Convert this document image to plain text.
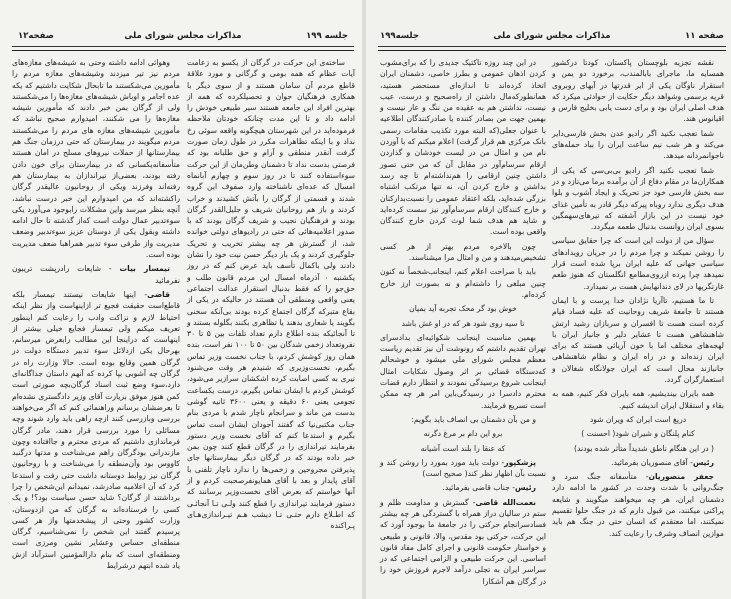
جلسه ۱۹۹
مذاکرات مجلس شورای ملی
صفحه۱۲

ساخته‌ی این حرکت در گرگان از یکسو به زعامت آیات عظام که همه بومی و گرگانی و مورد علاقهٔ قاطع مردم آن سامان هستند و از سوی دیگر با همکاری فرهنگیان جوان و تحصیلکرده که همه از بهترین افراد این جامعه هستند سیر طبیعی خودش را ادامه داد و تا این مدت چنانکه خودتان ملاحظه فرموده‌اید در این شهرستان هیچگونه واقعه سوئی رخ نداد و با اینکه تظاهرات مکرر در طول زمان صورت گرفت آنقدر منطقی و آرام و حق طلبانه بود که فرصتی بدست نداد تا دشمنان وطن‌مان از این حرکت سوءاستفاده کنند تا در روز سوم و چهارم آبانماه امسال که عده‌ای ناشناخته وارد صفوف این گروه شدند و قسمتی از گرگان را بآتش کشیدند و خراب کردند و باز هم روحانیان شریف و جلیل‌القدر گرگان بودند و فرهنگیان نجیب و شریف گرگان بودند که با صدور اعلامیه‌هائی که حتی در رادیوهای دولتی خوانده شد، از گسترش هر چه بیشتر تخریب و تحریک جلوگیری کردند و یک بار دیگر حسن نیت خود را نشان دادند ولی باکمال تأسف باید عرض کنم که در روز یکشنبه ۰ آذرماه امسال این مردم قانون طلب و حق‌جو را که فقط بدنبال استقرار عدالت اجتماعی یعنی واقعی ومنطقی آن هستند در حالیکه در یکی از بقاع متبرکه گرگان اجتماع کرده بودند بی‌آنکه سخنی بگویند یا شعاری بدهند یا تظاهری بکنند بگلوله بستند و تا آنجائیکه بنده اطلاع دارم تعداد تلفات بین ۵ تا ۳۰ نفروتعداد زخمی شدگان بین ۵۰ تا ۱۰۰ نفر است، بنده همان روز کوشش کردم، با جناب نخست وزیر تماس بگیرم، نخست‌وزیری که شنیدم هر وقت می‌شنود تیری به کسی اصابت کرده اشکشان سرازیر می‌شود، کوشش کردم با ایشان تماس بگیرم، درست یکساعت تجومی یعنی ۶۰ دقیقه و یعنی ۳۶۰۰ ثانیه گوشی بدست من ماند و سرانجام ناچار شدم با مردی بنام جناب مکتبی‌نیا که گفتند آجودان ایشان است تماس بگیرم و استدعا کنم که آقای نخست وزیر دستور بفرمایند تیراندازی را در گرگان قطع کنند چون بمن خبر داده بودند که در گرگان دیگر بیمارستانها جای پذیرفتن مجروحین و زخمی‌ها را ندارد ناچار تلفنی با آقای پایدار و بعد با آقای همایونفرصحبت کردم و از آنها خواستم که بعرض آقای نخست‌وزیر برسانند که دستور فرمایند تیراندازی را قطع کنند ولـی تـا آنجائـی که اطـلاع دارم حتـی تـا دیشب هـم تیـراندازی‌هـای پـراکنده

وهوائی ادامه داشته وحتی به شیشه‌های مغازه‌های مردم نیز تیر میزدند وشیشه‌های مغازه مردم را مأمورین می‌شکستند ما تابحال شکایت داشتیم که یکه عده اجامر و اوباش شیشه‌های مغازه‌ها را می‌شکستند ولی از گرگان بمن خبر دادند که مأمورین شیشه مغازه‌ها را می شکنند، امیدوارم صحیح نباشد که مأمورین شیشه‌های مغازه های مردم را می‌شکستند مردم میگویند در بیمارستان که حتی درزمان جنگ هم بیمارستانها از حملات نیروهای مسلح در امان هستند متأسفانه‌یکسانی که در بیمارستان برای خون دادن رفته بودند، بعضی‌از تیراندازان به بیمارستان هم رفته‌اند وفرزند ویکی از روحانیون عالیقدر گرگان راکشته‌اند که من امیدوارم این خبر درست نباشد، آنچه بنظر میرسد واین مشکلات رابوجود می‌آورد یکی سوءتدبیر عمال دولت است که‌از گذشته تا حال ادامه داشته وبقول یکی از دوستان عزیز سوءتدبیر وضعف مدیریت واز طرفی سوء تدبیر همراهبا ضعف مدیریت بوده است.

تیمسار بیات - شایعات رادرپشت تریبون نفرمائید

قاضی- اینها شایعات نیستند تیمسار بلکه قاطع‌است حقیقت فجیع تر ازاینهاست واز نظر اینکه احتیاط لازم و نزاکت وادب را رعایت کنم اینطور تعریف میکنم ولی تیمسار فجایع خیلی بیشتر از اینهاست که دراینجا این مطالب رابعرض میرسانم، بهرحال یکی ازدلائل سوء تدبیر دستگاه دولت در گرگان همین وقایع بوده است. حالا وزارت راه در گرگان چه آشوبی بپا کرده که آنهم داستان جداگانه‌ای دارد،سوء وضع ثبت اسناد گرگان‌بچه صورتی است کمن هنوز موفق بزیارت آقای وزیر دادگستری نشده‌ام تا بعرضشان برسانم وراهنمائی کنم که اگر می‌خواهند بررسی وبازرسی کنند ازچه راهی باید وارد شوند وچه مسائلی را مورد بررسی قرار دهند، مادر گرگان فرماندازی داشتیم که مردی محترم و جاافتاده وچون مازندرانی بودگرگان راهم می‌شناخت و مدتها درگنبد کاووس بود وآن‌منطقه را می‌شناخت و با روحانیون گرگان نیز روابط دوستانه داشت حتی رفت و استدعا کرد که آن اعلامیه صادرشد، نمیدانم این‌شخص را چرا برداشتند از گرگان؟ شاید حسن سیاست بود؟! و یک کسی را فرستاده‌اند به گرگان که من ازدوستان، وزارت کشور وحتی از پیشخدمتها واز هر کسی پرسیدم گفتند این شخص را نمی‌شناسیم، گرگان منطقه‌ای حساس وعشایر نشین ومرزی است ومنطقه‌ای است که بنام دارالمؤمنین استرآباد ازش یاد شده ابتهم درشرایط

صفحه ۱۱
مذاکرات مجلس شورای ملی
جلسه۱۹۹

نقشه تجزیه بلوچستان پاکستان، کودتا درکشور همسایه ما، ماجرای بابالمندب، برخورد دو یمن و استقرار ناوگان یکی از ابر قدرتها در آبهای روبروی قریه برسمی وشواهد دیگر حکایت از حوادثی میکرد که هدف اصلی ایران بود و برای دست یابی بخلیج فارس و اقیانوس هند.

شما تعجب نکنید اگر رادیو عدن بخش فارسی‌دایر می‌کند و هر شب نیم ساعت ایران را بباد حمله‌های ناجوانمردانه میدهد.

شما تعجب نکنید اگر رادیو بی‌بی‌سی که یکی از همکاران‌ما در مقام دفاع از آن برآمده برما می‌تازد و در سه بخش فارسی خود جز تحریک و ایجاد آشوب و بلوا هدف دیگری ندارد روباه پیرکه دیگر قادر به تأمین غذای خود نیست در این بازار آشفته که تیرهای‌سهمگین بسوی ایران روانست بدنبال طعمه میگردد.

سؤال من از دولت این است که چرا حقایق سیاسی را روشن نمیکند و چرا مردم را در جریان رویدادهای سیاسی جهانی که علیه ایران برپا شده است قرار نمیدهد چرا پرده ازروی‌مطامع انگلستان که هنوز طعم غارتگریها در لای دندانهایش هست بر نمیدارد.

تا ما هستیم، تاآریا نژادان خدا پرست و با ایمان هستند تا جامعهٔ شریف روحانیت که علیه فساد قیام کرده است هست تا افسران و سربازان رشید ارتش شاهنشاهی هست تا عشایر دلیر و جانباز ایران با لهجه‌های مختلف اما با خون آریائی هستند که برای ایران زنده‌اند و در راه ایران و نظام شاهنشاهی جانبازند محال است که ایران جولانگاه شغالان و استعمارگران گردد.

همه بایران بیندیشیم، همه بایران فکر کنیم، همه به بقاء و استقلال ایران اندیشه کنیم.

دریغ است ایران که ویران شود

کنام پلنگان و شیران شود( احسنت )

( در این هنگام ناطق شدیداً متأثر شده بودند)

رئیس- آقای منصوریان بفرمائید.

جعفر منصوریان- متأسفانه جنگ سرد و جنگ‌روانی با شدت وحدت در کشور ما ادامه دارد دشمنان ایران، هر چه میخواهند میگویند و شایعه پراکنی میکنند، من قبول دارم که در جنگ حلوا تقسیم نمیکنند، اما معتقدم که انسان حتی در جنگ هم باید موازین انصاف وشرف را رعایت کند.

در این چند روزه تاکتیک جدیدی را که برای‌مشوب کردن اذهان عمومی و بطرز خاصی، دشمنان ایران اتخاذ کرده‌اند تا اندازه‌ای مستحضر هستید، همانطورکه‌مال داشتن از راه‌صحیح و درست، عیب نیست، نداشتن هم به عقیده من ننگ و عار نیست و بهمین جهت من بصادر کننده یا صادرکنندگان اطلاعیه با عنوان جعلی(که البته مورد تکذیب مقامات رسمی بانک مرکزی هم قرار گرفت) اعلام میکنم که با آوردن نام من و امثال من در لیست خودشان و گذاردن ارقام سرسام‌آور در مقابل آن که من حتی تصور داشتن چنین ارقامی را هم‌نداشته‌ام تا چه رسد بداشتن و خارج کردن آن، نه تنها مرتکب اشتباه بزرگی شده‌اید، بلکه اعتقاد عمومی را نسبت‌بدارکنان و خارج کنندگان ارقام سرسام‌آور نیز سست کرده‌اید و شاید هم هدف شما لوث کردن خارج کنندگان واقعی بوده است.

چون بالاخره مردم بهتر از هر کسی تشخیص‌میدهند و من و امثال مرا میشناسند.

باید با صراحت اعلام کنم، اینجانب‌شخصاً نه کنون چنین مبلغی را داشته‌ام و نه بصورت ارز خارج کرده‌ام.

خوش بود گر محک تجربه آید بمیان

تا سیه روی شود هر که در او غش باشد

بهمین مناسبت اینجانب شکوائیه‌ای بدادسرای تهران تقدیم داشتم که رونوشت آن نیز تقدیم ریاست معظم مجلس شورای ملی میشود و خوشحالم که‌دستگاه قضائی بر اثر وصول شکایات امثال اینجانب شروع برسیدگی نمودند و انتظار دارم قضات محترم دادسرا در رسیدگی‌باین امر هر چه ممکن است تسریع فرمایند.

و من بآن دشمنان بی انصاف باید بگویم:

برو این دام بر مرغ دگرنه

که عنقا را بلند است آشیانه

پزشکپور- دولت باید مورد بمورد را روشن کند و نسبت بآن اظهار نظر کند( صحیح است)

رئیس- جناب قاضی بفرمائید.

نعمت‌الله قاضی- گسترش و مداومت ظلم و ستم در سالیان دراز همراه با گستردگی هر چه بیشتر فساد‌سرانجام حرکتی را در جامعهٔ ما بوجود آورد که این حرکت، حرکتی بود مقدس، والا، قانونی و طبیعی و خواستار حکومت قانونی و اجرای کامل مفاد قانون اساسی. این حرکت طبیعی و الزامی اجتماعی که در سراسر ایران به تجلی درآمد لاجرم فروزش خود را در گرگان هم آشکارا
